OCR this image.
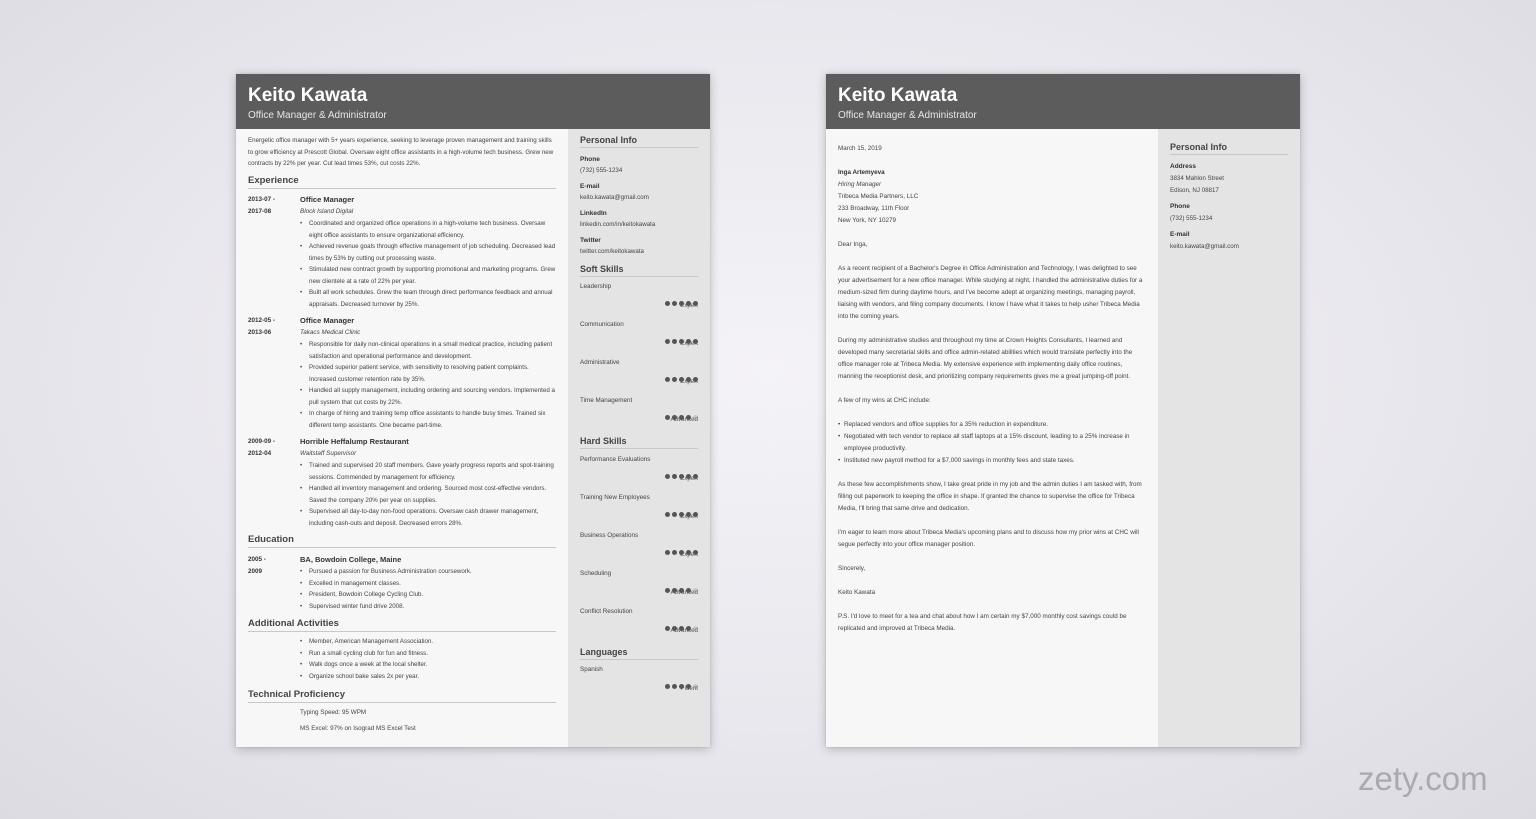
Keito Kawata
Office Manager & Administrator
Energetic office manager with 5+ years experience, seeking to leverage proven management and training skills to grow efficiency at Prescott Global. Oversaw eight office assistants in a high-volume tech business. Grew new contracts by 22% per year. Cut lead times 53%, cut costs 22%.
Experience
2013-07 -
2017-08
Office Manager
Block Island Digital
• Coordinated and organized office operations in a high-volume tech business. Oversaw eight office assistants to ensure organizational efficiency.
• Achieved revenue goals through effective management of job scheduling. Decreased lead times by 53% by cutting out processing waste.
• Stimulated new contract growth by supporting promotional and marketing programs. Grew new clientele at a rate of 22% per year.
• Built all work schedules. Grew the team through direct performance feedback and annual appraisals. Decreased turnover by 25%.
2012-05 -
2013-06
Office Manager
Takacs Medical Clinic
• Responsible for daily non-clinical operations in a small medical practice, including patient satisfaction and operational performance and development.
• Provided superior patient service, with sensitivity to resolving patient complaints. Increased customer retention rate by 35%.
• Handled all supply management, including ordering and sourcing vendors. Implemented a pull system that cut costs by 22%.
• In charge of hiring and training temp office assistants to handle busy times. Trained six different temp assistants. One became part-time.
2009-09 -
2012-04
Horrible Heffalump Restaurant
Waitstaff Supervisor
• Trained and supervised 20 staff members. Gave yearly progress reports and spot-training sessions. Commended by management for efficiency.
• Handled all inventory management and ordering. Sourced most cost-effective vendors. Saved the company 20% per year on supplies.
• Supervised all day-to-day non-food operations. Oversaw cash drawer management, including cash-outs and deposit. Decreased errors 28%.
Education
2005 -
2009
BA, Bowdoin College, Maine
• Pursued a passion for Business Administration coursework.
• Excelled in management classes.
• President, Bowdoin College Cycling Club.
• Supervised winter fund drive 2008.
Additional Activities
• Member, American Management Association.
• Run a small cycling club for fun and fitness.
• Walk dogs once a week at the local shelter.
• Organize school bake sales 2x per year.
Technical Proficiency
Typing Speed: 95 WPM
MS Excel: 97% on Isograd MS Excel Test
Personal Info
Phone
(732) 555-1234
E-mail
keito.kawata@gmail.com
LinkedIn
linkedin.com/in/keitokawata
Twitter
twitter.com/keitokawata
Soft Skills
Leadership
Expert
Communication
Expert
Administrative
Expert
Time Management
Advanced
Hard Skills
Performance Evaluations
Expert
Training New Employees
Expert
Business Operations
Expert
Scheduling
Advanced
Conflict Resolution
Advanced
Languages
Spanish
Fluent
Keito Kawata
Office Manager & Administrator

March 15, 2019

Inga Artemyeva
Hiring Manager
Tribeca Media Partners, LLC
233 Broadway, 11th Floor

New York, NY 10279

Dear Inga,

As a recent recipient of a Bachelor's Degree in Office Administration and Technology, I was delighted to see your advertisement for a new office manager. While studying at night, I handled the administrative duties for a medium-sized firm during daytime hours, and I've become adept at organizing meetings, managing payroll, liaising with vendors, and filing company documents. I know I have what it takes to help usher Tribeca Media into the coming years.

During my administrative studies and throughout my time at Crown Heights Consultants, I learned and developed many secretarial skills and office admin-related abilities which would translate perfectly into the office manager role at Tribeca Media. My extensive experience with implementing daily office routines, manning the receptionist desk, and prioritizing company requirements gives me a great jumping-off point.

A few of my wins at CHC include:

• Replaced vendors and office supplies for a 35% reduction in expenditure.
• Negotiated with tech vendor to replace all staff laptops at a 15% discount, leading to a 25% increase in employee productivity.
• Instituted new payroll method for a $7,000 savings in monthly fees and state taxes.

As these few accomplishments show, I take great pride in my job and the admin duties I am tasked with, from filling out paperwork to keeping the office in shape. If granted the chance to supervise the office for Tribeca Media, I'll bring that same drive and dedication.

I'm eager to learn more about Tribeca Media's upcoming plans and to discuss how my prior wins at CHC will segue perfectly into your office manager position.

Sincerely,

Keito Kawata

P.S. I'd love to meet for a tea and chat about how I am certain my $7,000 monthly cost savings could be replicated and improved at Tribeca Media.

Personal Info
Address
3834 Mahlon Street
Edison, NJ 08817
Phone
(732) 555-1234
E-mail
keito.kawata@gmail.com
zety.com
